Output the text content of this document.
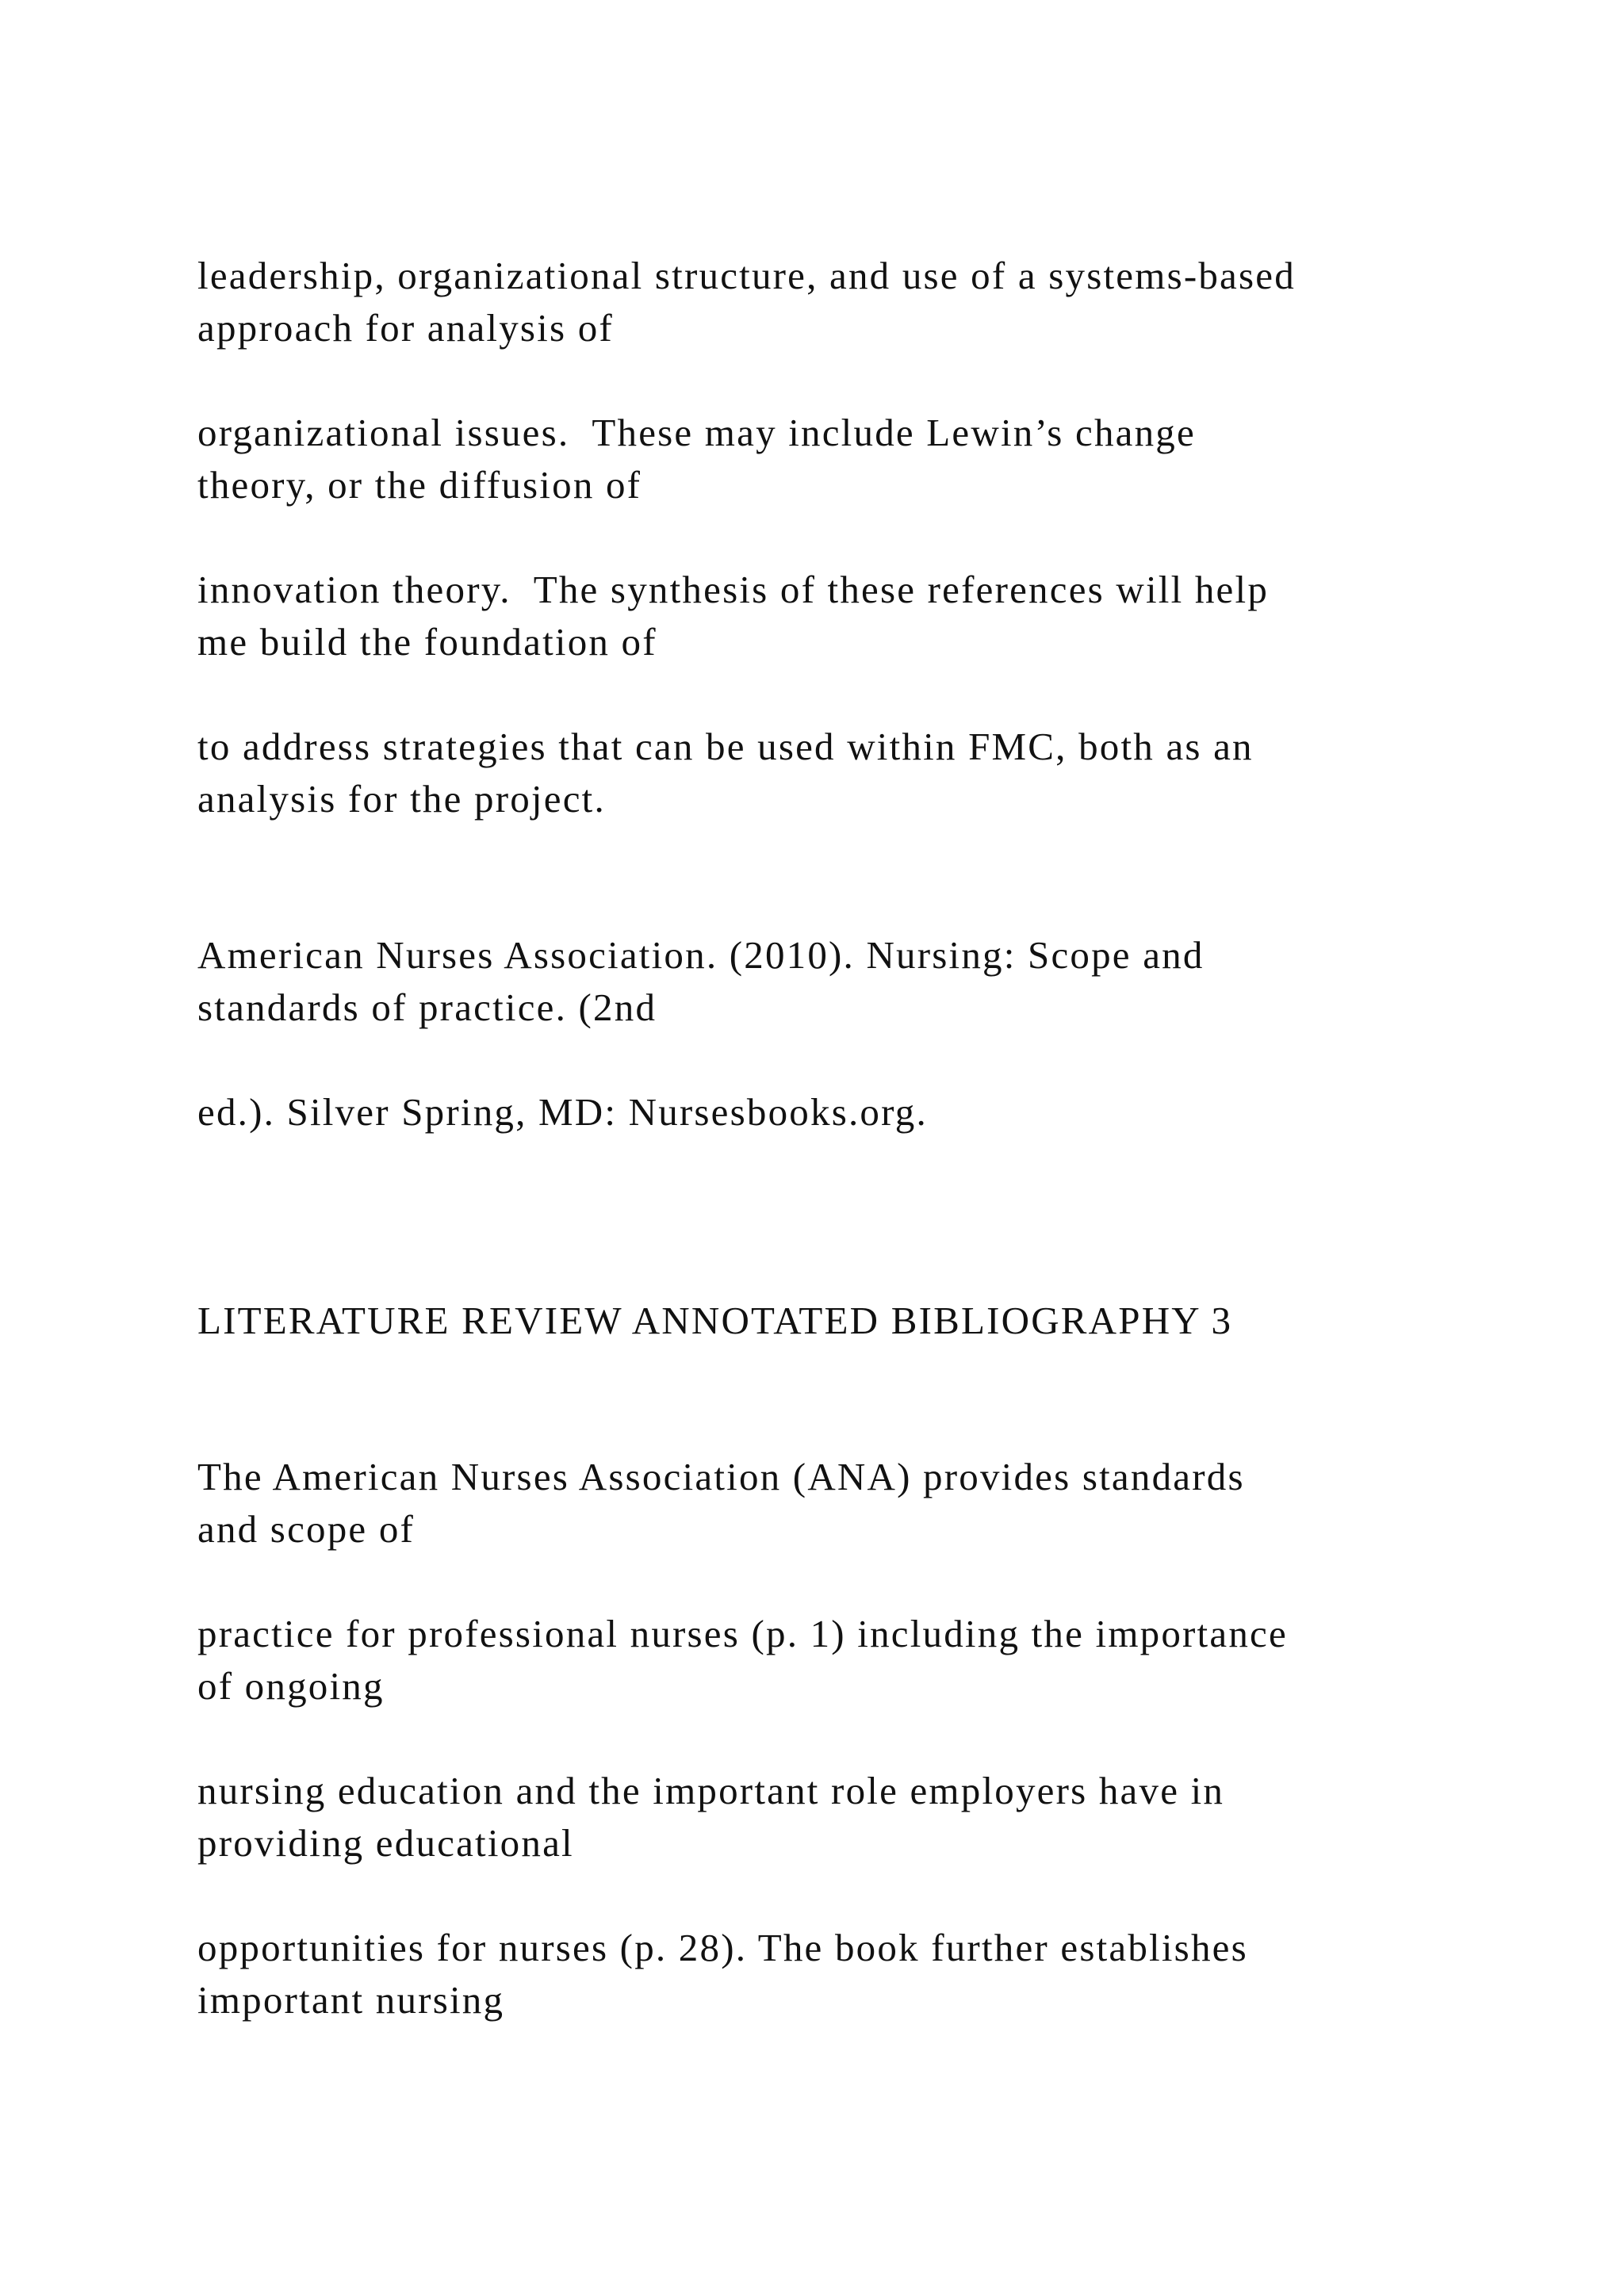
leadership, organizational structure, and use of a systems-based

approach for analysis of

organizational issues.  These may include Lewin’s change

theory, or the diffusion of

innovation theory.  The synthesis of these references will help

me build the foundation of

to address strategies that can be used within FMC, both as an

analysis for the project.

American Nurses Association. (2010). Nursing: Scope and

standards of practice. (2nd

ed.). Silver Spring, MD: Nursesbooks.org.

LITERATURE REVIEW ANNOTATED BIBLIOGRAPHY 3

The American Nurses Association (ANA) provides standards

and scope of

practice for professional nurses (p. 1) including the importance

of ongoing

nursing education and the important role employers have in

providing educational

opportunities for nurses (p. 28). The book further establishes

important nursing
